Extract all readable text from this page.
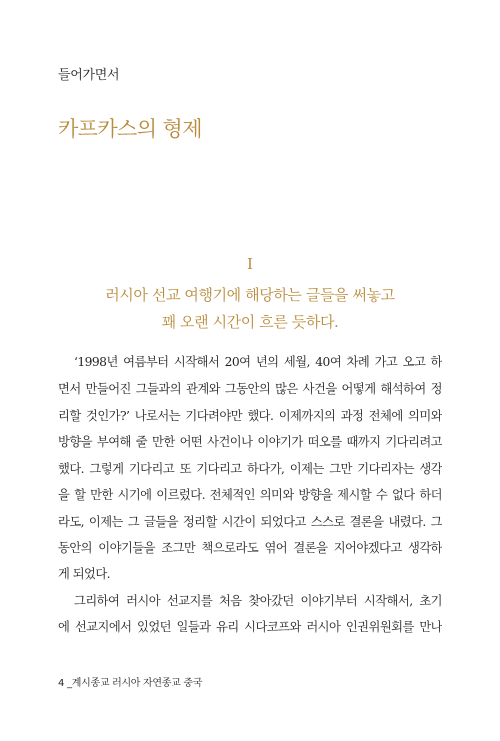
들어가면서
카프카스의 형제
I
러시아 선교 여행기에 해당하는 글들을 써놓고
꽤 오랜 시간이 흐른 듯하다.
‘1998년 여름부터 시작해서 20여 년의 세월, 40여 차례 가고 오고 하
면서 만들어진 그들과의 관계와 그동안의 많은 사건을 어떻게 해석하여 정
리할 것인가?’ 나로서는 기다려야만 했다. 이제까지의 과정 전체에 의미와
방향을 부여해 줄 만한 어떤 사건이나 이야기가 떠오를 때까지 기다리려고
했다. 그렇게 기다리고 또 기다리고 하다가, 이제는 그만 기다리자는 생각
을 할 만한 시기에 이르렀다. 전체적인 의미와 방향을 제시할 수 없다 하더
라도, 이제는 그 글들을 정리할 시간이 되었다고 스스로 결론을 내렸다. 그
동안의 이야기들을 조그만 책으로라도 엮어 결론을 지어야겠다고 생각하
게 되었다.
그리하여 러시아 선교지를 처음 찾아갔던 이야기부터 시작해서, 초기
에 선교지에서 있었던 일들과 유리 시다코프와 러시아 인권위원회를 만나
4 _계시종교 러시아 자연종교 중국
